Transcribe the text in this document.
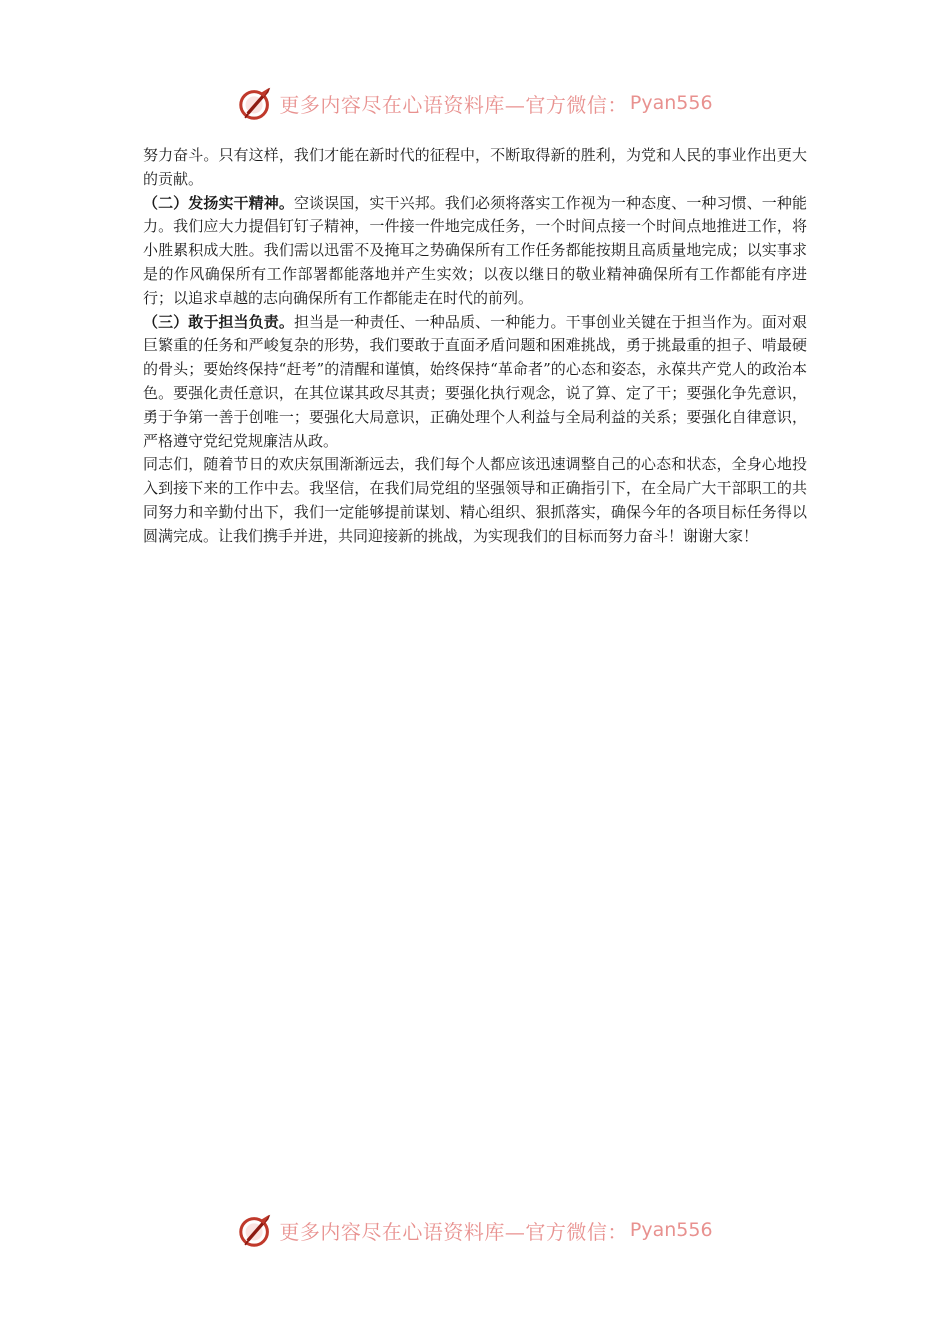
更多内容尽在心语资料库—官方微信： Pyan556

努力奋斗。只有这样，我们才能在新时代的征程中，不断取得新的胜利，为党和人民的事业作出更大的贡献。

（二）发扬实干精神。空谈误国，实干兴邦。我们必须将落实工作视为一种态度、一种习惯、一种能力。我们应大力提倡钉钉子精神，一件接一件地完成任务，一个时间点接一个时间点地推进工作，将小胜累积成大胜。我们需以迅雷不及掩耳之势确保所有工作任务都能按期且高质量地完成；以实事求是的作风确保所有工作部署都能落地并产生实效；以夜以继日的敬业精神确保所有工作都能有序进行；以追求卓越的志向确保所有工作都能走在时代的前列。

（三）敢于担当负责。担当是一种责任、一种品质、一种能力。干事创业关键在于担当作为。面对艰巨繁重的任务和严峻复杂的形势，我们要敢于直面矛盾问题和困难挑战，勇于挑最重的担子、啃最硬的骨头；要始终保持“赶考”的清醒和谨慎，始终保持“革命者”的心态和姿态，永葆共产党人的政治本色。要强化责任意识，在其位谋其政尽其责；要强化执行观念，说了算、定了干；要强化争先意识，勇于争第一善于创唯一；要强化大局意识，正确处理个人利益与全局利益的关系；要强化自律意识，严格遵守党纪党规廉洁从政。

同志们，随着节日的欢庆氛围渐渐远去，我们每个人都应该迅速调整自己的心态和状态，全身心地投入到接下来的工作中去。我坚信，在我们局党组的坚强领导和正确指引下，在全局广大干部职工的共同努力和辛勤付出下，我们一定能够提前谋划、精心组织、狠抓落实，确保今年的各项目标任务得以圆满完成。让我们携手并进，共同迎接新的挑战，为实现我们的目标而努力奋斗！谢谢大家！

更多内容尽在心语资料库—官方微信： Pyan556
